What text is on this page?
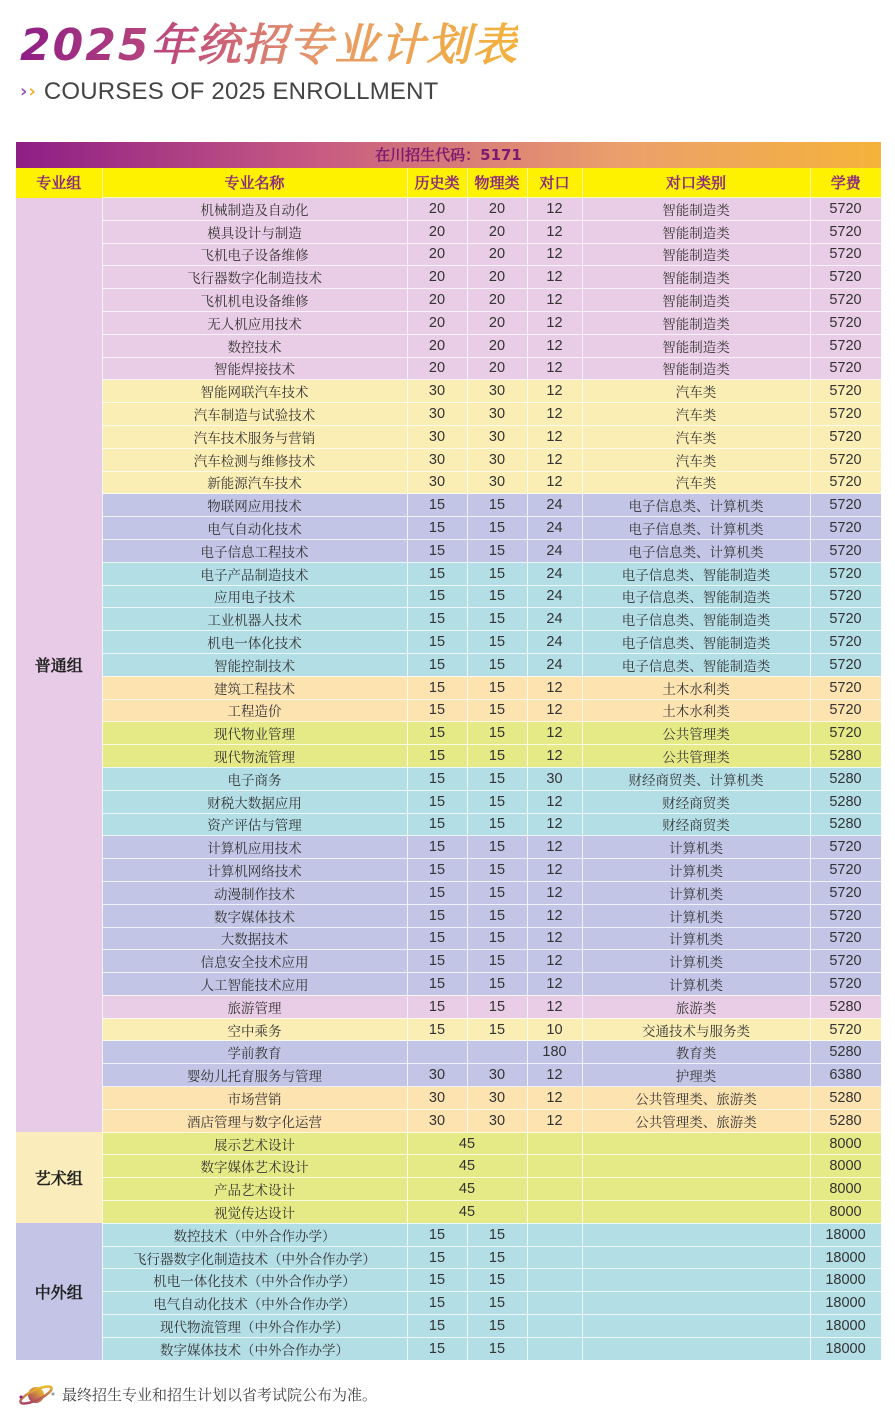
2025年统招专业计划表
› › COURSES OF 2025 ENROLLMENT
在川招生代码：5171
专业组	专业名称	历史类	物理类	对口	对口类别	学费
普通组	机械制造及自动化	20	20	12	智能制造类	5720
	模具设计与制造	20	20	12	智能制造类	5720
	飞机电子设备维修	20	20	12	智能制造类	5720
	飞行器数字化制造技术	20	20	12	智能制造类	5720
	飞机机电设备维修	20	20	12	智能制造类	5720
	无人机应用技术	20	20	12	智能制造类	5720
	数控技术	20	20	12	智能制造类	5720
	智能焊接技术	20	20	12	智能制造类	5720
	智能网联汽车技术	30	30	12	汽车类	5720
	汽车制造与试验技术	30	30	12	汽车类	5720
	汽车技术服务与营销	30	30	12	汽车类	5720
	汽车检测与维修技术	30	30	12	汽车类	5720
	新能源汽车技术	30	30	12	汽车类	5720
	物联网应用技术	15	15	24	电子信息类、计算机类	5720
	电气自动化技术	15	15	24	电子信息类、计算机类	5720
	电子信息工程技术	15	15	24	电子信息类、计算机类	5720
	电子产品制造技术	15	15	24	电子信息类、智能制造类	5720
	应用电子技术	15	15	24	电子信息类、智能制造类	5720
	工业机器人技术	15	15	24	电子信息类、智能制造类	5720
	机电一体化技术	15	15	24	电子信息类、智能制造类	5720
	智能控制技术	15	15	24	电子信息类、智能制造类	5720
	建筑工程技术	15	15	12	土木水利类	5720
	工程造价	15	15	12	土木水利类	5720
	现代物业管理	15	15	12	公共管理类	5720
	现代物流管理	15	15	12	公共管理类	5280
	电子商务	15	15	30	财经商贸类、计算机类	5280
	财税大数据应用	15	15	12	财经商贸类	5280
	资产评估与管理	15	15	12	财经商贸类	5280
	计算机应用技术	15	15	12	计算机类	5720
	计算机网络技术	15	15	12	计算机类	5720
	动漫制作技术	15	15	12	计算机类	5720
	数字媒体技术	15	15	12	计算机类	5720
	大数据技术	15	15	12	计算机类	5720
	信息安全技术应用	15	15	12	计算机类	5720
	人工智能技术应用	15	15	12	计算机类	5720
	旅游管理	15	15	12	旅游类	5280
	空中乘务	15	15	10	交通技术与服务类	5720
	学前教育			180	教育类	5280
	婴幼儿托育服务与管理	30	30	12	护理类	6380
	市场营销	30	30	12	公共管理类、旅游类	5280
	酒店管理与数字化运营	30	30	12	公共管理类、旅游类	5280
艺术组	展示艺术设计	45				8000
	数字媒体艺术设计	45				8000
	产品艺术设计	45				8000
	视觉传达设计	45				8000
中外组	数控技术（中外合作办学）	15	15			18000
	飞行器数字化制造技术（中外合作办学）	15	15			18000
	机电一体化技术（中外合作办学）	15	15			18000
	电气自动化技术（中外合作办学）	15	15			18000
	现代物流管理（中外合作办学）	15	15			18000
	数字媒体技术（中外合作办学）	15	15			18000
最终招生专业和招生计划以省考试院公布为准。
